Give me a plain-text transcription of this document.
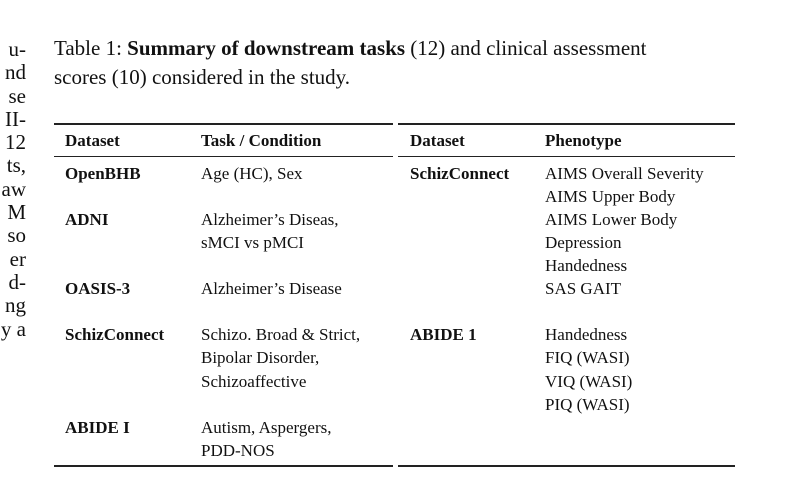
u-
nd
se
II-
12
ts,
aw
M
so
er
d-
ng
y a
Table 1: Summary of downstream tasks (12) and clinical assessment
scores (10) considered in the study.
Dataset	Task / Condition
OpenBHB	Age (HC), Sex
ADNI	Alzheimer’s Diseas,
sMCI vs pMCI
OASIS-3	Alzheimer’s Disease
SchizConnect Schizo. Broad & Strict,
Bipolar Disorder,
Schizoaffective
ABIDE I	Autism, Aspergers,
PDD-NOS
Dataset	Phenotype
SchizConnect AIMS Overall Severity
AIMS Upper Body
AIMS Lower Body
Depression
Handedness
SAS GAIT
ABIDE 1	Handedness
FIQ (WASI)
VIQ (WASI)
PIQ (WASI)
